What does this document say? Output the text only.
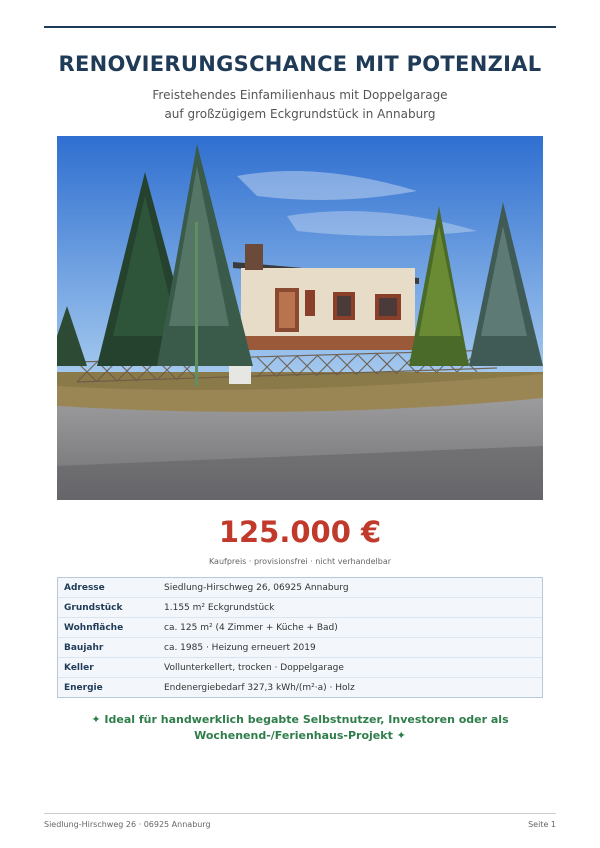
RENOVIERUNGSCHANCE MIT POTENZIAL
Freistehendes Einfamilienhaus mit Doppelgarage
auf großzügigem Eckgrundstück in Annaburg
125.000 €
Kaufpreis · provisionsfrei · nicht verhandelbar
Adresse	Siedlung-Hirschweg 26, 06925 Annaburg
Grundstück	1.155 m² Eckgrundstück
Wohnfläche	ca. 125 m² (4 Zimmer + Küche + Bad)
Baujahr	ca. 1985 · Heizung erneuert 2019
Keller	Vollunterkellert, trocken · Doppelgarage
Energie	Endenergiebedarf 327,3 kWh/(m²·a) · Holz
✦ Ideal für handwerklich begabte Selbstnutzer, Investoren oder als
Wochenend-/Ferienhaus-Projekt ✦
Siedlung-Hirschweg 26 · 06925 Annaburg	Seite 1
